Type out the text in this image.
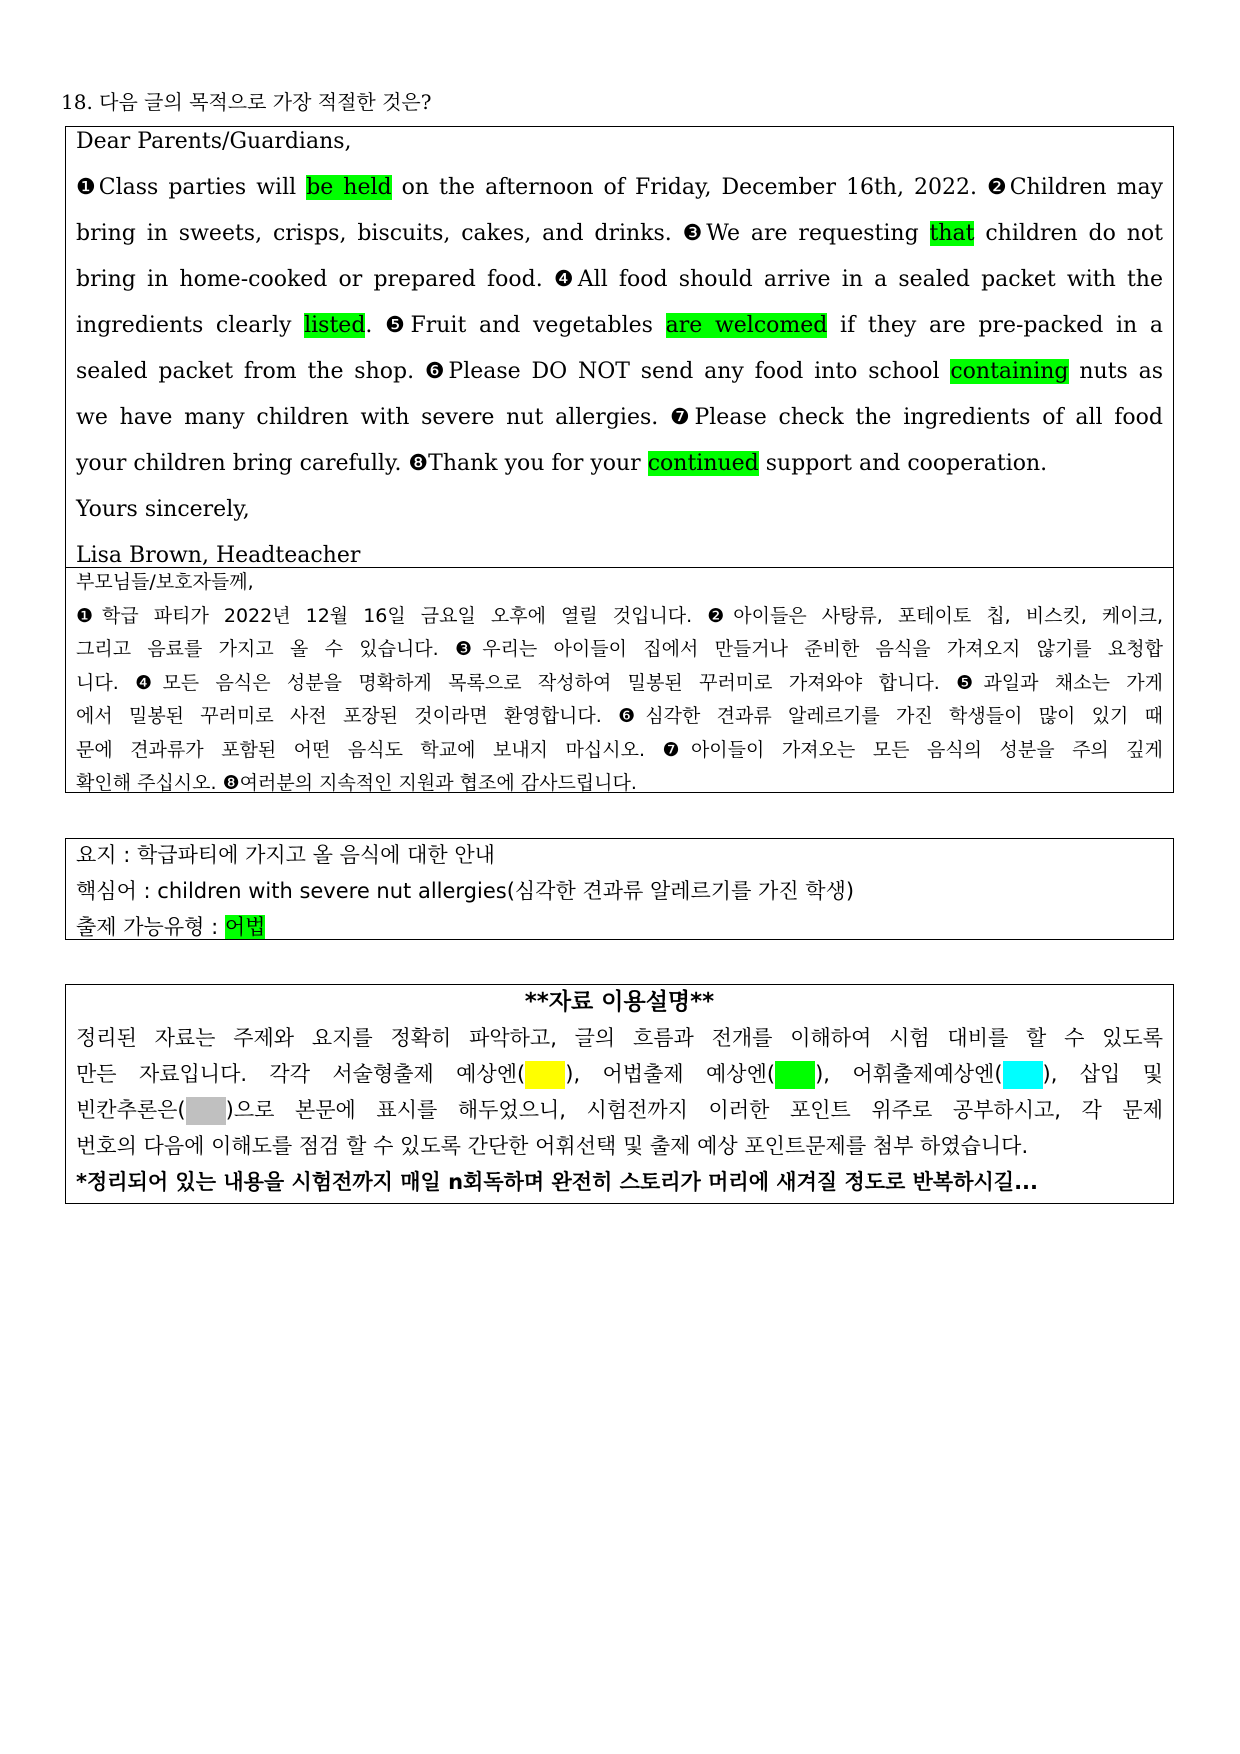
18. 다음 글의 목적으로 가장 적절한 것은?
Dear Parents/Guardians,
❶Class parties will be held on the afternoon of Friday, December 16th, 2022. ❷Children may
bring in sweets, crisps, biscuits, cakes, and drinks. ❸We are requesting that children do not
bring in home-cooked or prepared food. ❹All food should arrive in a sealed packet with the
ingredients clearly listed. ❺Fruit and vegetables are welcomed if they are pre-packed in a
sealed packet from the shop. ❻Please DO NOT send any food into school containing nuts as
we have many children with severe nut allergies. ❼Please check the ingredients of all food
your children bring carefully. ❽Thank you for your continued support and cooperation.
Yours sincerely,
Lisa Brown, Headteacher
부모님들/보호자들께,
❶학급 파티가 2022년 12월 16일 금요일 오후에 열릴 것입니다. ❷아이들은 사탕류, 포테이토 칩, 비스킷, 케이크,
그리고 음료를 가지고 올 수 있습니다. ❸우리는 아이들이 집에서 만들거나 준비한 음식을 가져오지 않기를 요청합
니다. ❹모든 음식은 성분을 명확하게 목록으로 작성하여 밀봉된 꾸러미로 가져와야 합니다. ❺과일과 채소는 가게
에서 밀봉된 꾸러미로 사전 포장된 것이라면 환영합니다. ❻심각한 견과류 알레르기를 가진 학생들이 많이 있기 때
문에 견과류가 포함된 어떤 음식도 학교에 보내지 마십시오. ❼아이들이 가져오는 모든 음식의 성분을 주의 깊게
확인해 주십시오. ❽여러분의 지속적인 지원과 협조에 감사드립니다.
요지 : 학급파티에 가지고 올 음식에 대한 안내
핵심어 : children with severe nut allergies(심각한 견과류 알레르기를 가진 학생)
출제 가능유형 : 어법
**자료 이용설명**
정리된 자료는 주제와 요지를 정확히 파악하고, 글의 흐름과 전개를 이해하여 시험 대비를 할 수 있도록
만든 자료입니다. 각각 서술형출제 예상엔( ), 어법출제 예상엔( ), 어휘출제예상엔( ), 삽입 및
빈칸추론은( )으로 본문에 표시를 해두었으니, 시험전까지 이러한 포인트 위주로 공부하시고, 각 문제
번호의 다음에 이해도를 점검 할 수 있도록 간단한 어휘선택 및 출제 예상 포인트문제를 첨부 하였습니다.
*정리되어 있는 내용을 시험전까지 매일 n회독하며 완전히 스토리가 머리에 새겨질 정도로 반복하시길...
